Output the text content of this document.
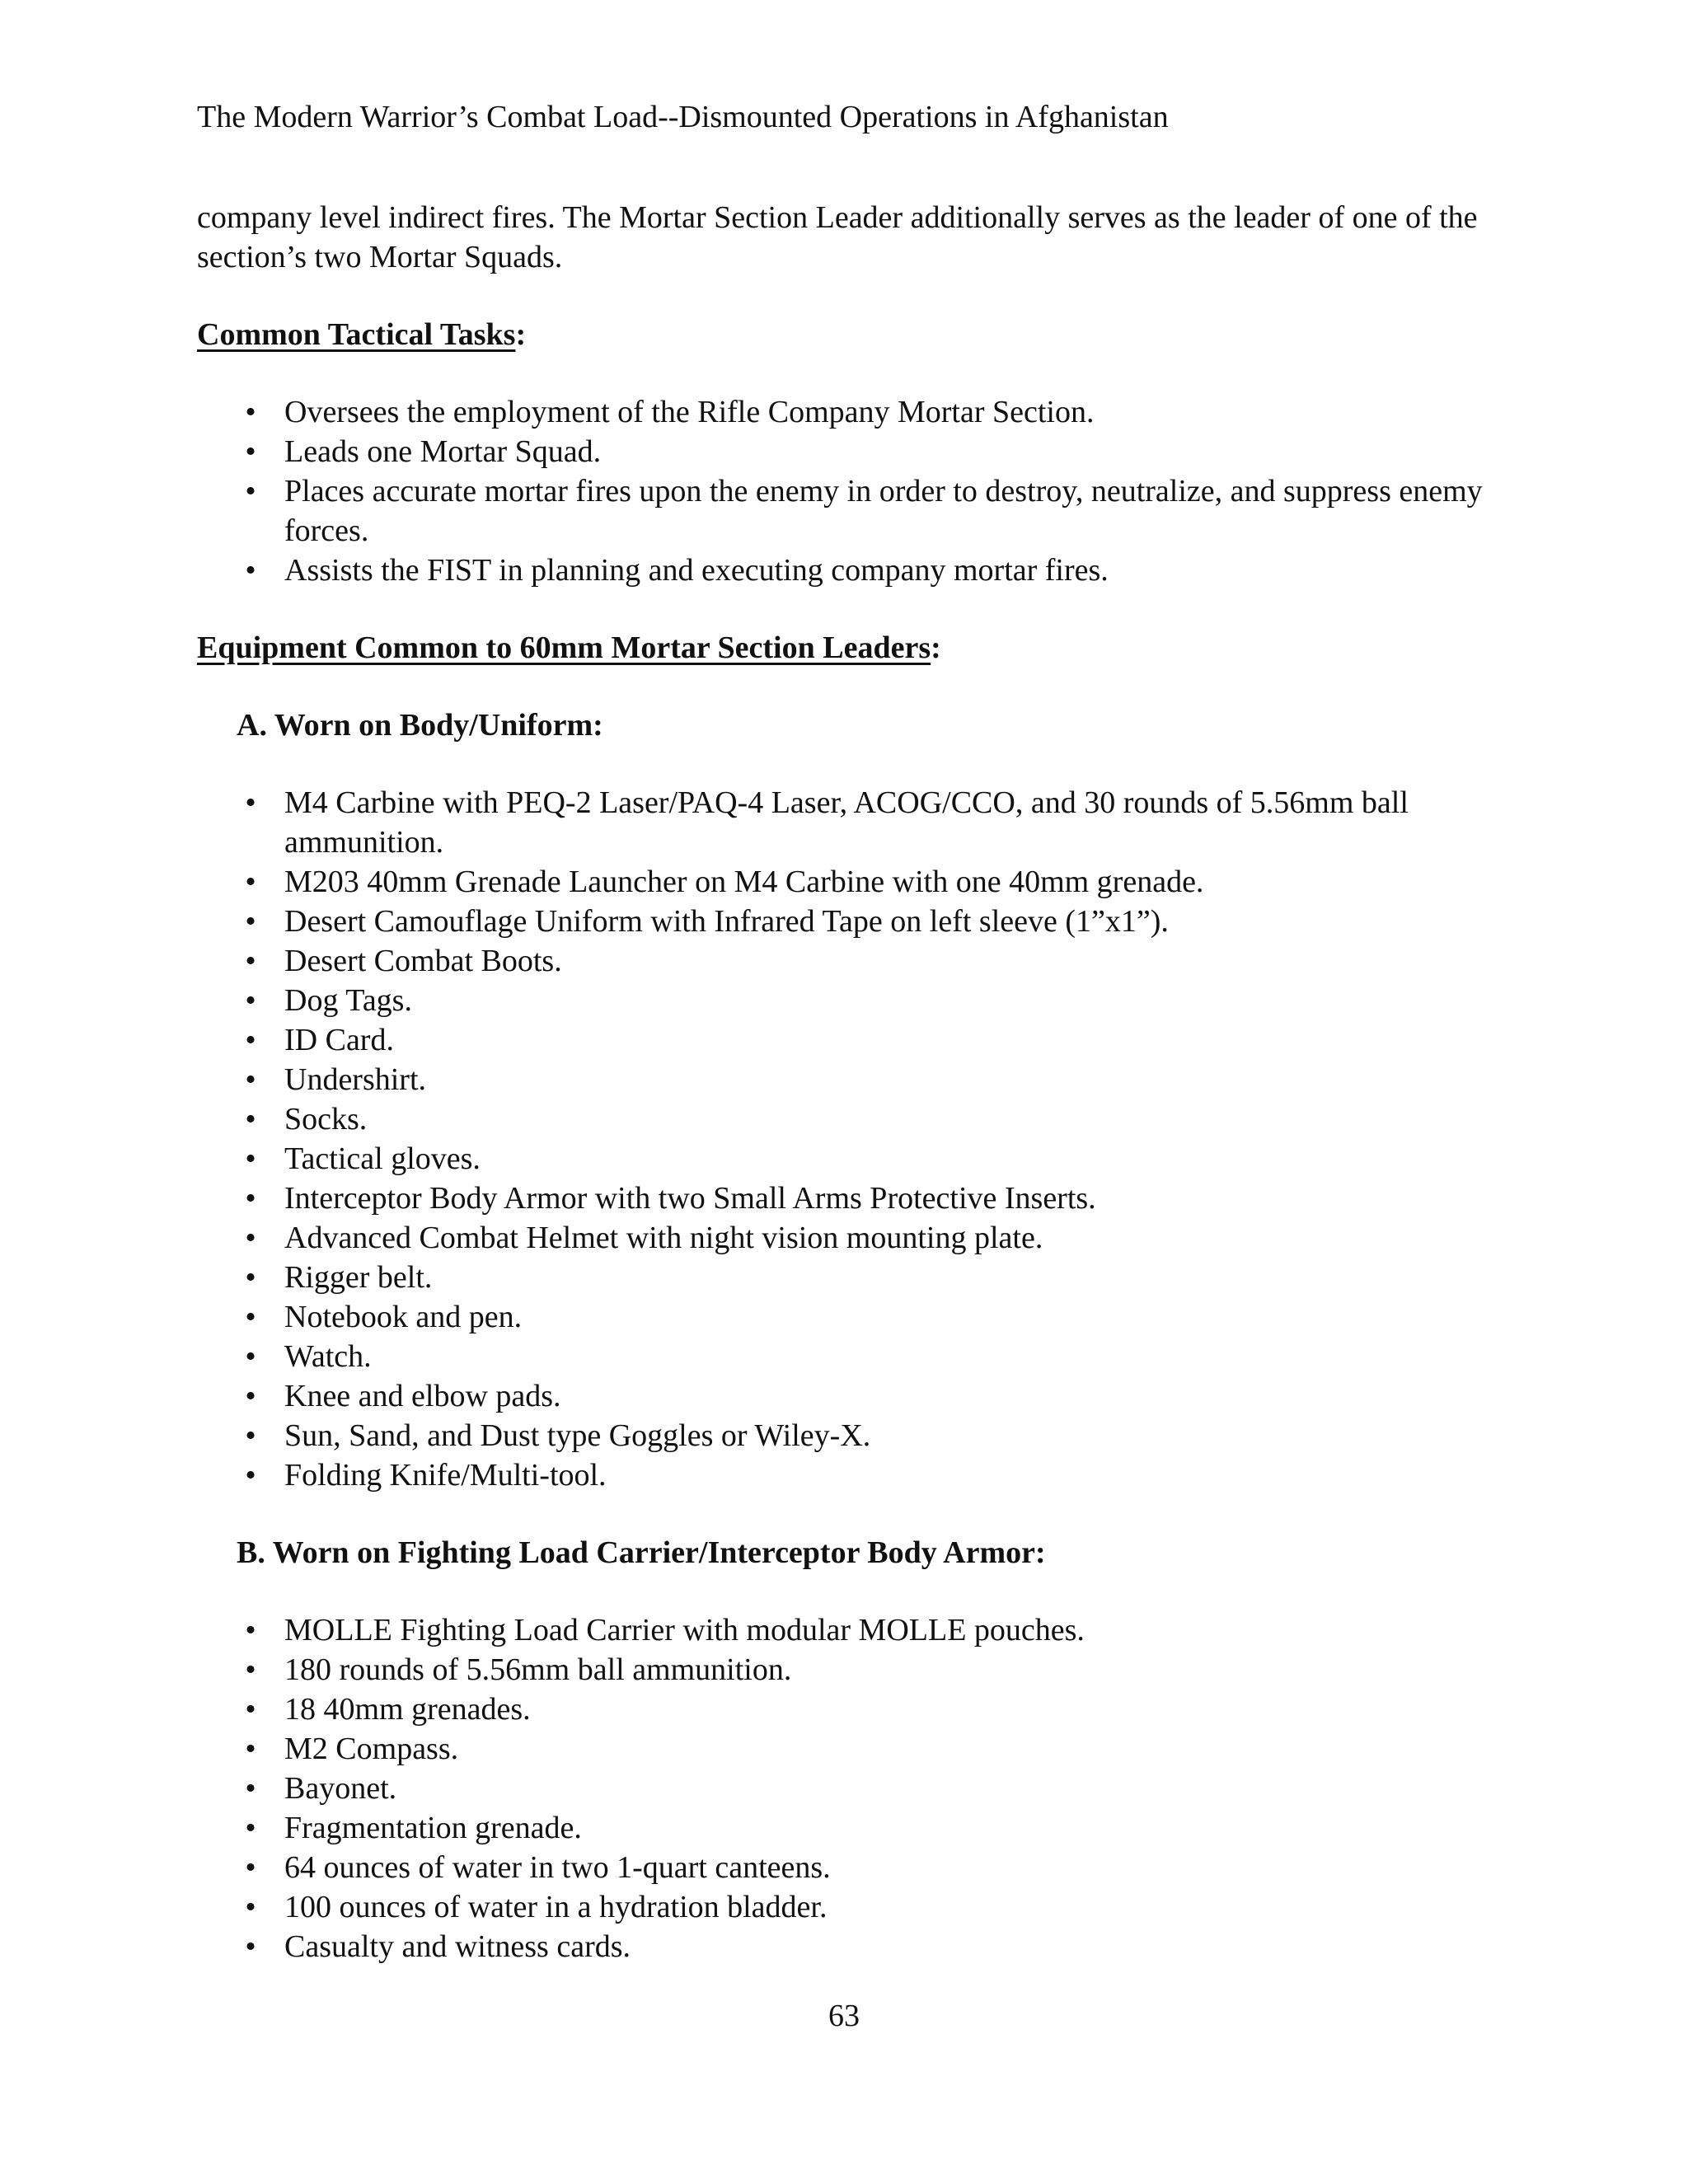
The Modern Warrior’s Combat Load--Dismounted Operations in Afghanistan

company level indirect fires. The Mortar Section Leader additionally serves as the leader of one of the section’s two Mortar Squads.

Common Tactical Tasks:

• Oversees the employment of the Rifle Company Mortar Section.
• Leads one Mortar Squad.
• Places accurate mortar fires upon the enemy in order to destroy, neutralize, and suppress enemy forces.
• Assists the FIST in planning and executing company mortar fires.

Equipment Common to 60mm Mortar Section Leaders:

A. Worn on Body/Uniform:

• M4 Carbine with PEQ-2 Laser/PAQ-4 Laser, ACOG/CCO, and 30 rounds of 5.56mm ball ammunition.
• M203 40mm Grenade Launcher on M4 Carbine with one 40mm grenade.
• Desert Camouflage Uniform with Infrared Tape on left sleeve (1”x1”).
• Desert Combat Boots.
• Dog Tags.
• ID Card.
• Undershirt.
• Socks.
• Tactical gloves.
• Interceptor Body Armor with two Small Arms Protective Inserts.
• Advanced Combat Helmet with night vision mounting plate.
• Rigger belt.
• Notebook and pen.
• Watch.
• Knee and elbow pads.
• Sun, Sand, and Dust type Goggles or Wiley-X.
• Folding Knife/Multi-tool.

B. Worn on Fighting Load Carrier/Interceptor Body Armor:

• MOLLE Fighting Load Carrier with modular MOLLE pouches.
• 180 rounds of 5.56mm ball ammunition.
• 18 40mm grenades.
• M2 Compass.
• Bayonet.
• Fragmentation grenade.
• 64 ounces of water in two 1-quart canteens.
• 100 ounces of water in a hydration bladder.
• Casualty and witness cards.
63
